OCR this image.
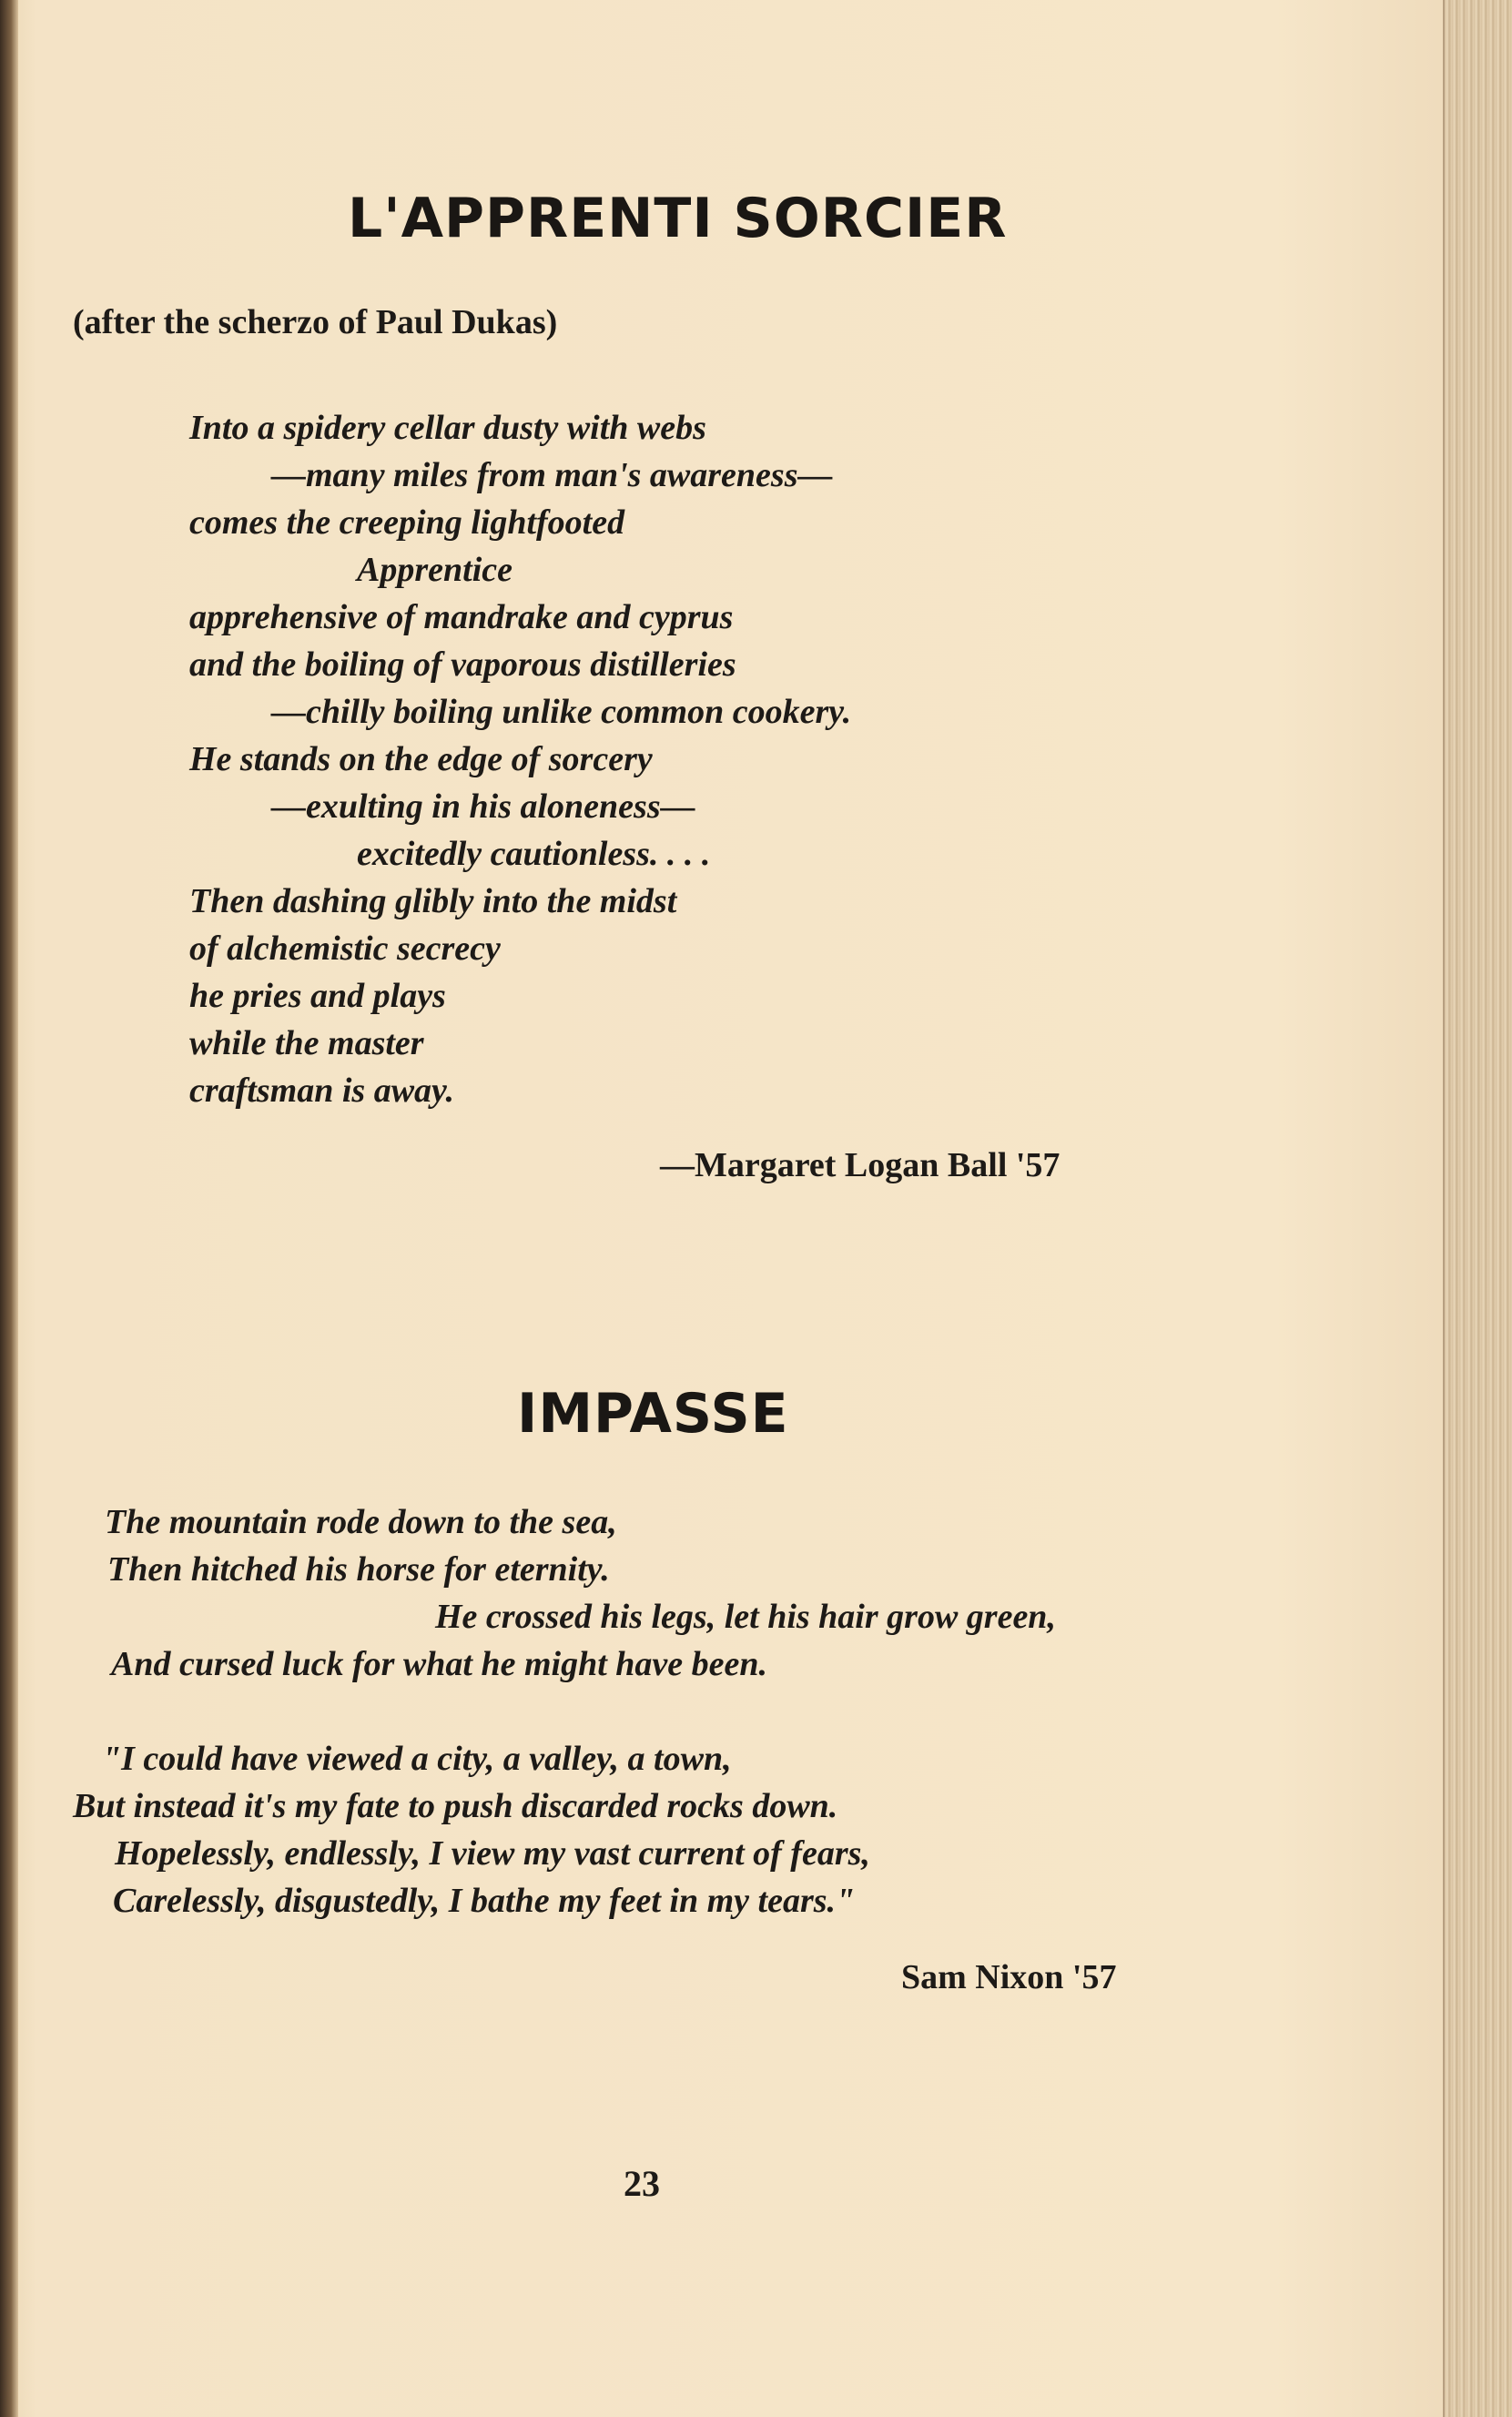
L'APPRENTI SORCIER
(after the scherzo of Paul Dukas)
Into a spidery cellar dusty with webs
—many miles from man's awareness—
comes the creeping lightfooted
Apprentice
apprehensive of mandrake and cyprus
and the boiling of vaporous distilleries
—chilly boiling unlike common cookery.
He stands on the edge of sorcery
—exulting in his aloneness—
excitedly cautionless. . . .
Then dashing glibly into the midst
of alchemistic secrecy
he pries and plays
while the master
craftsman is away.
—Margaret Logan Ball '57
IMPASSE
The mountain rode down to the sea,
Then hitched his horse for eternity.
He crossed his legs, let his hair grow green,
And cursed luck for what he might have been.
"I could have viewed a city, a valley, a town,
But instead it's my fate to push discarded rocks down.
Hopelessly, endlessly, I view my vast current of fears,
Carelessly, disgustedly, I bathe my feet in my tears."
Sam Nixon '57
23
